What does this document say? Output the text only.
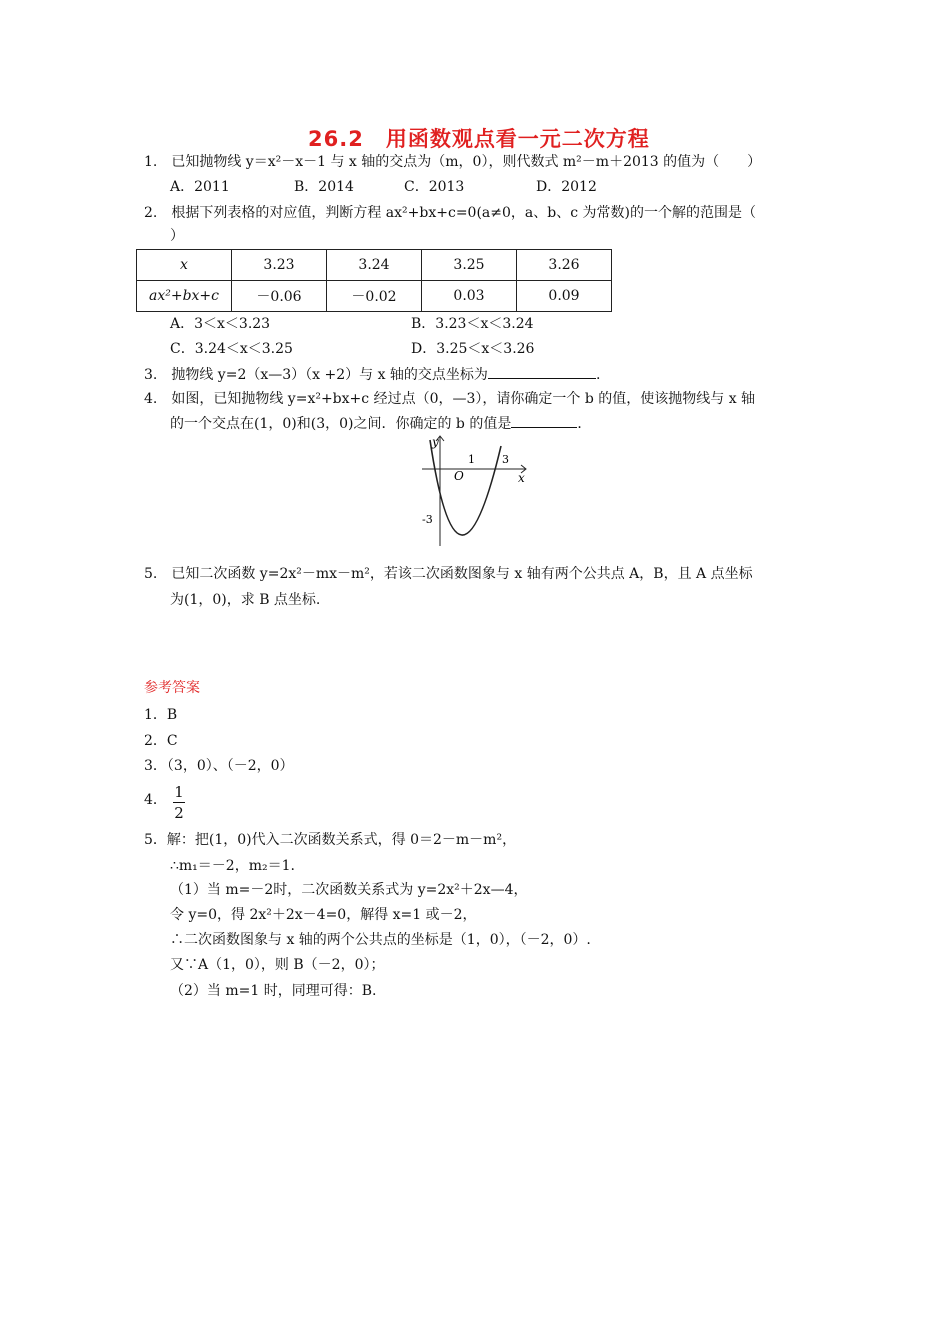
26.2　用函数观点看一元二次方程
1.　已知抛物线 y＝x²－x－1 与 x 轴的交点为（m，0），则代数式 m²－m＋2013 的值为（　　）
A．2011	B．2014	C．2013	D．2012
2.　根据下列表格的对应值，判断方程 ax²+bx+c=0(a≠0，a、b、c 为常数)的一个解的范围是（
）
x	3.23	3.24	3.25	3.26
ax²+bx+c	－0.06	－0.02	0.03	0.09
A．3＜x＜3.23	B．3.23＜x＜3.24
C．3.24＜x＜3.25	D．3.25＜x＜3.26
3.　抛物线 y=2（x—3）（x +2）与 x 轴的交点坐标为	.
4.　如图，已知抛物线 y=x²+bx+c 经过点（0，—3），请你确定一个 b 的值，使该抛物线与 x 轴
的一个交点在(1，0)和(3，0)之间．你确定的 b 的值是	．
y
x
O
1 3
-3
5.　已知二次函数 y=2x²－mx－m²，若该二次函数图象与 x 轴有两个公共点 A，B，且 A 点坐标
为(1，0)，求 B 点坐标.
参考答案
1．B
2．C
3．（3，0）、（－2，0）
4． 1
2
5．解：把(1，0)代入二次函数关系式，得 0＝2－m－m²，
∴m₁＝－2，m₂＝1.
（1）当 m=－2时，二次函数关系式为 y=2x²＋2x—4，
令 y=0，得 2x²＋2x－4=0，解得 x=1 或－2，
∴二次函数图象与 x 轴的两个公共点的坐标是（1，0），（－2，0）.
又∵A（1，0），则 B（－2，0）；
（2）当 m=1 时，同理可得：B.
